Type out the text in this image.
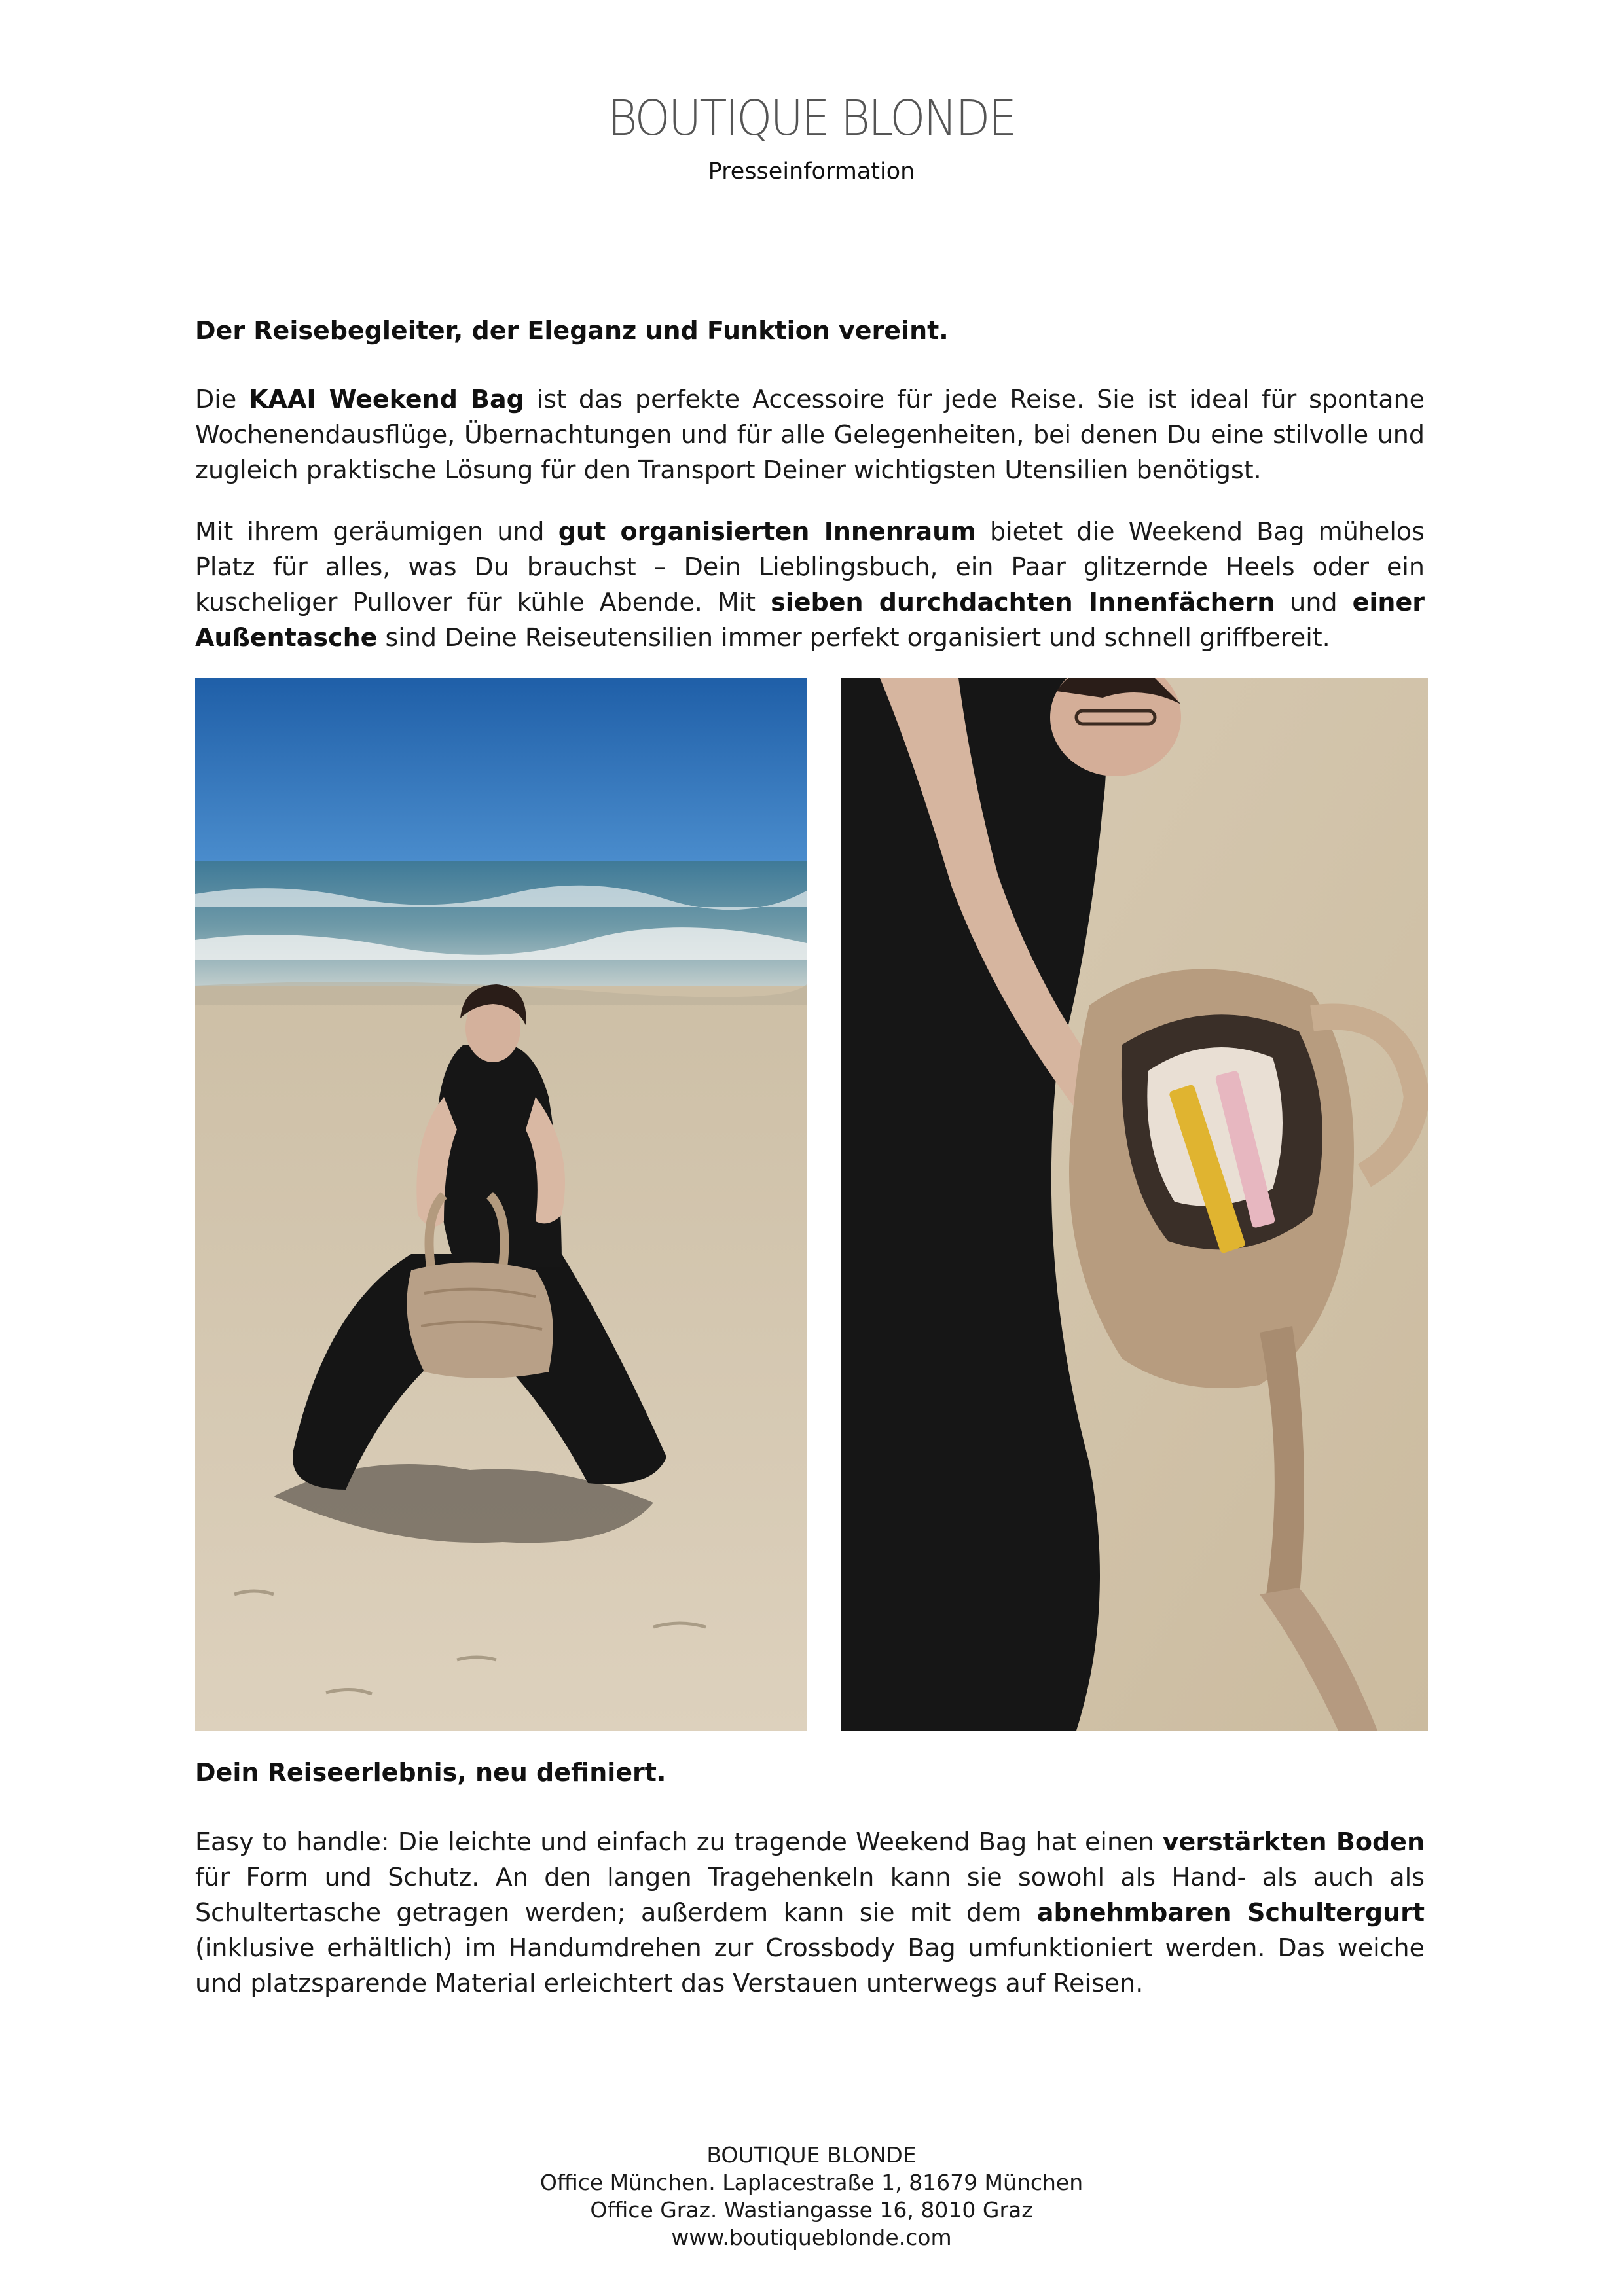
BOUTIQUE BLONDE
Presseinformation
Der Reisebegleiter, der Eleganz und Funktion vereint.
Die KAAI Weekend Bag ist das perfekte Accessoire für jede Reise. Sie ist ideal für spontane Wochenendausflüge, Übernachtungen und für alle Gelegenheiten, bei denen Du eine stilvolle und zugleich praktische Lösung für den Transport Deiner wichtigsten Utensilien benötigst.
Mit ihrem geräumigen und gut organisierten Innenraum bietet die Weekend Bag mühelos Platz für alles, was Du brauchst – Dein Lieblingsbuch, ein Paar glitzernde Heels oder ein kuscheliger Pullover für kühle Abende. Mit sieben durchdachten Innenfächern und einer Außentasche sind Deine Reiseutensilien immer perfekt organisiert und schnell griffbereit.
Dein Reiseerlebnis, neu definiert.
Easy to handle: Die leichte und einfach zu tragende Weekend Bag hat einen verstärkten Boden für Form und Schutz. An den langen Tragehenkeln kann sie sowohl als Hand- als auch als Schultertasche getragen werden; außerdem kann sie mit dem abnehmbaren Schultergurt (inklusive erhältlich) im Handumdrehen zur Crossbody Bag umfunktioniert werden. Das weiche und platzsparende Material erleichtert das Verstauen unterwegs auf Reisen.
BOUTIQUE BLONDE
Office München. Laplacestraße 1, 81679 München
Office Graz. Wastiangasse 16, 8010 Graz
www.boutiqueblonde.com
